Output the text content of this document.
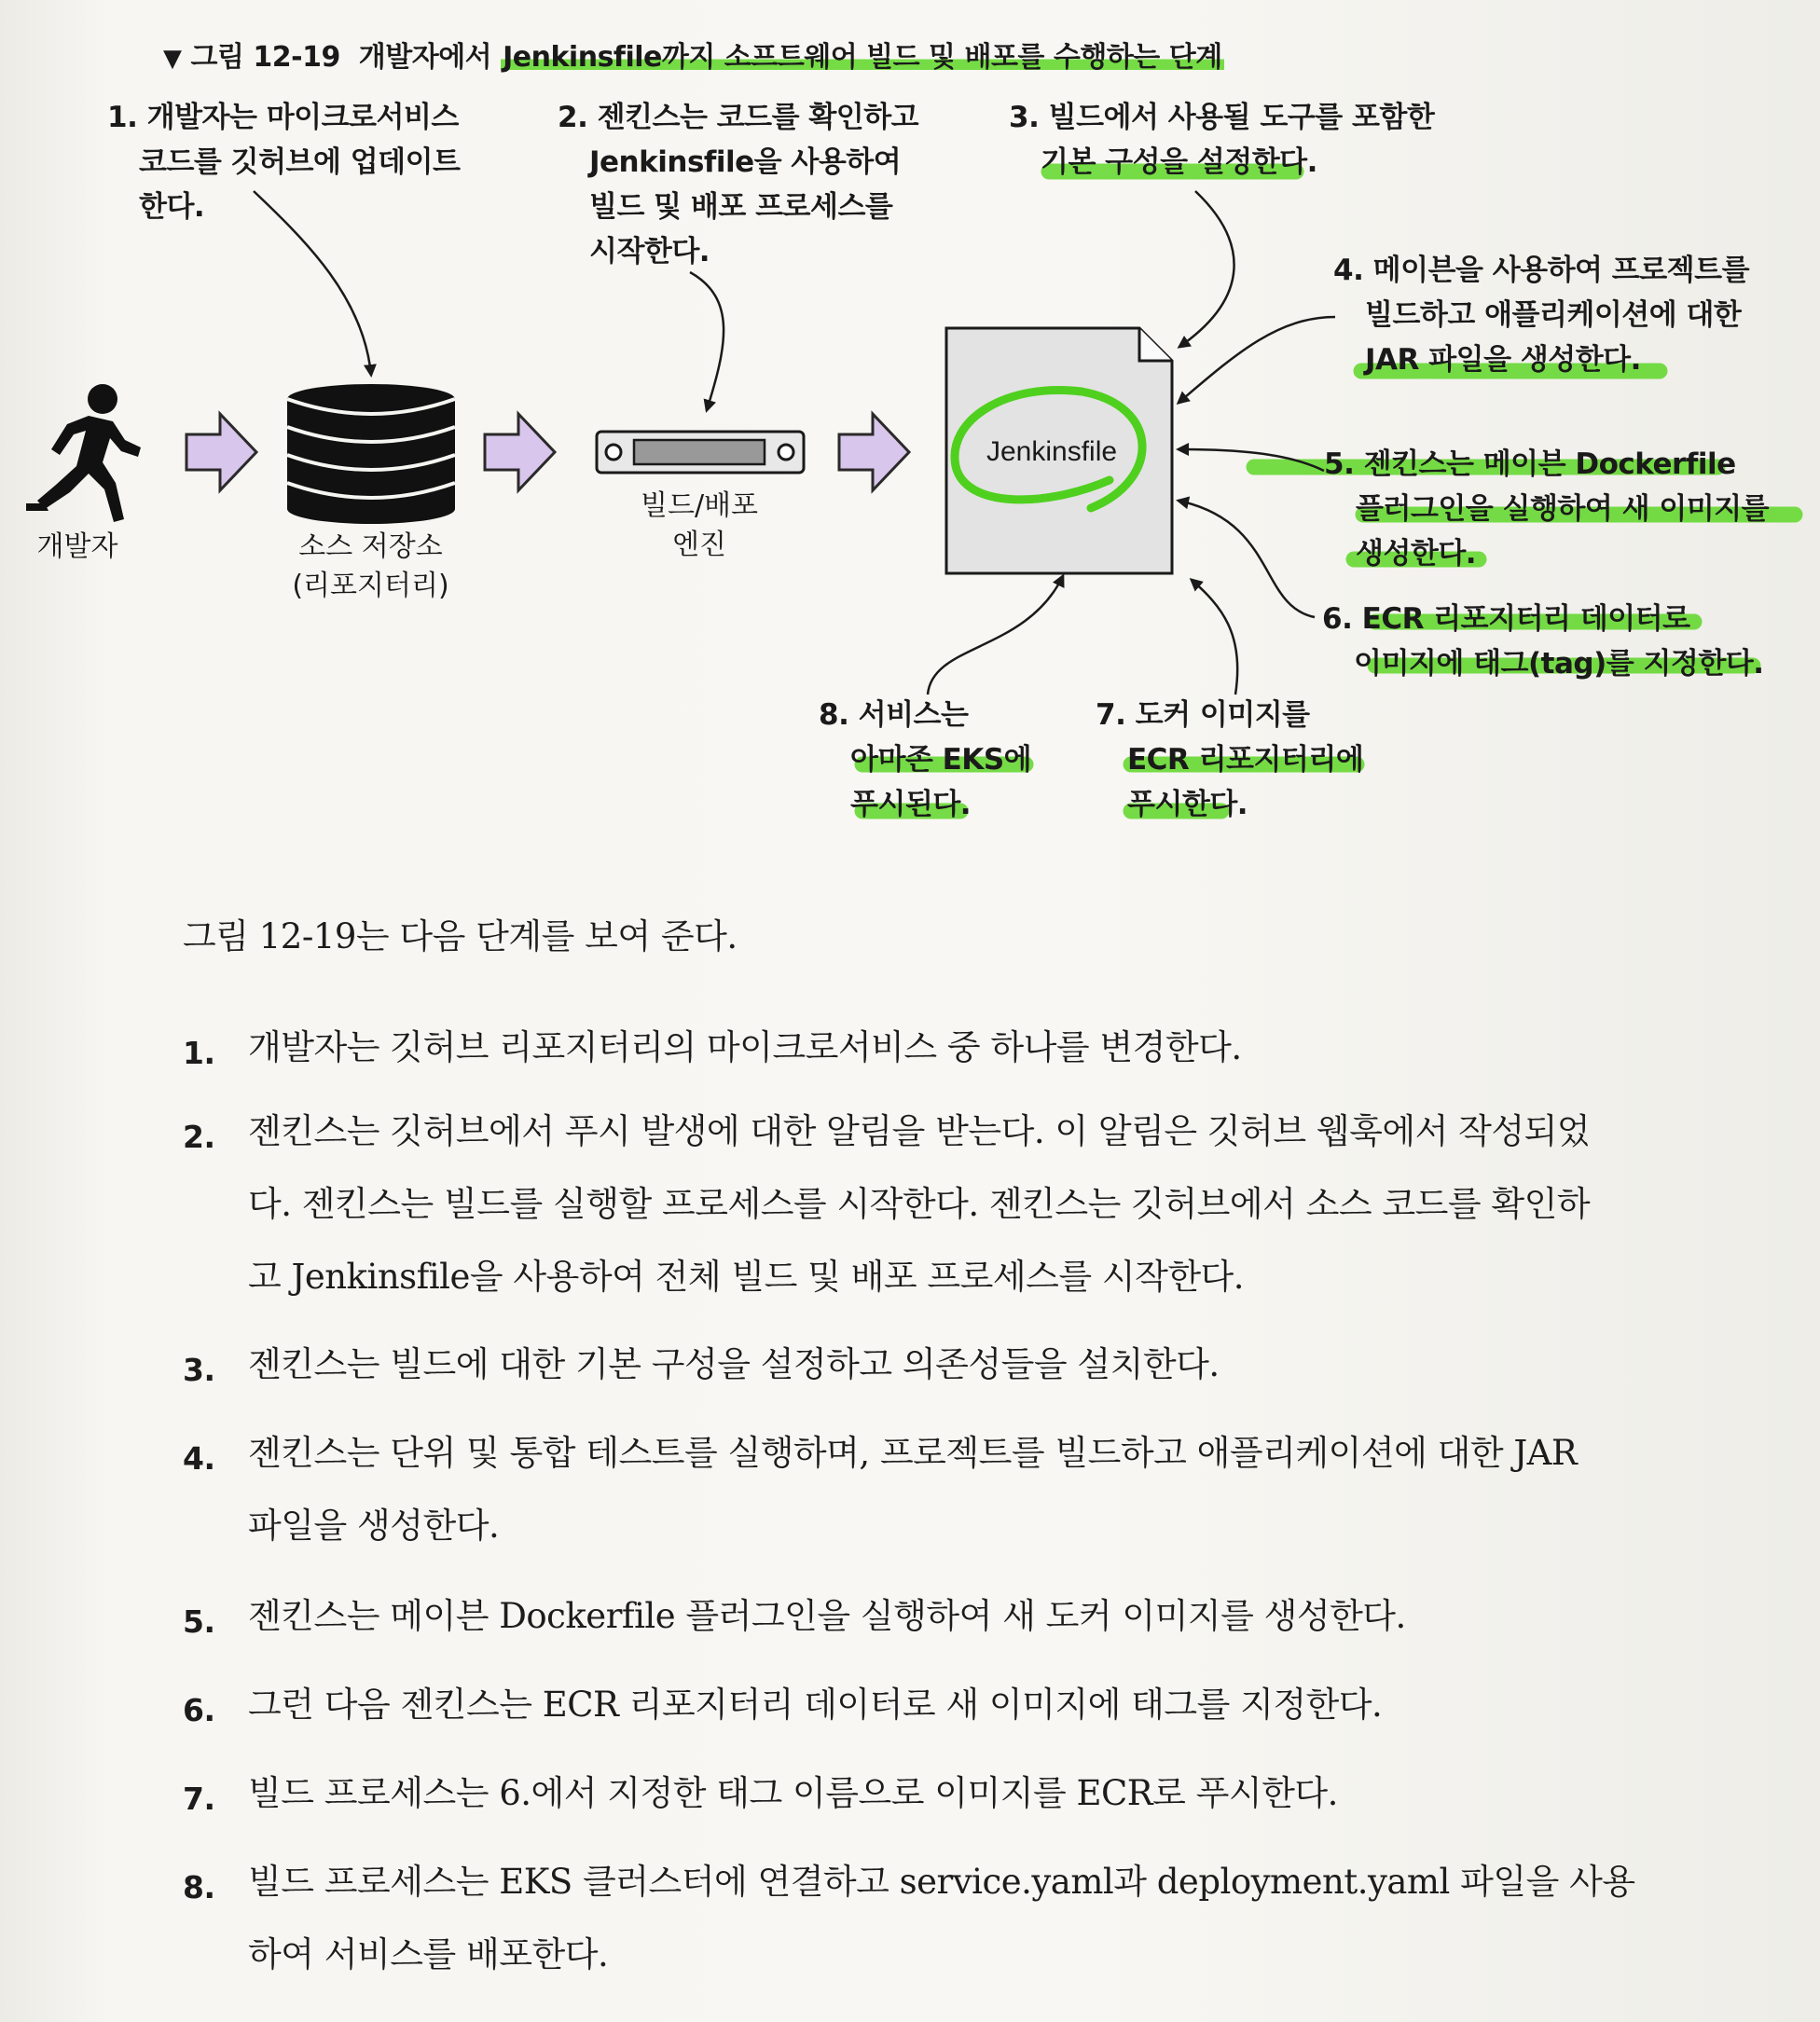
▼ 그림 12-19 개발자에서 Jenkinsfile까지 소프트웨어 빌드 및 배포를 수행하는 단계
개발자	소스 저장소
(리포지터리)
빌드/배포
엔진
Jenkinsfile
1. 개발자는 마이크로서비스
코드를 깃허브에 업데이트
한다.
2. 젠킨스는 코드를 확인하고
Jenkinsfile을 사용하여
빌드 및 배포 프로세스를
시작한다.
3. 빌드에서 사용될 도구를 포함한
기본 구성을 설정한다.
4. 메이븐을 사용하여 프로젝트를
빌드하고 애플리케이션에 대한
JAR 파일을 생성한다.
5. 젠킨스는 메이븐 Dockerfile
플러그인을 실행하여 새 이미지를
생성한다.
6. ECR 리포지터리 데이터로
이미지에 태그(tag)를 지정한다.
7. 도커 이미지를
ECR 리포지터리에
푸시한다.
8. 서비스는
아마존 EKS에
푸시된다.
그림 12-19는 다음 단계를 보여 준다.
1. 개발자는 깃허브 리포지터리의 마이크로서비스 중 하나를 변경한다.
2. 젠킨스는 깃허브에서 푸시 발생에 대한 알림을 받는다. 이 알림은 깃허브 웹훅에서 작성되었
다. 젠킨스는 빌드를 실행할 프로세스를 시작한다. 젠킨스는 깃허브에서 소스 코드를 확인하
고 Jenkinsfile을 사용하여 전체 빌드 및 배포 프로세스를 시작한다.
3. 젠킨스는 빌드에 대한 기본 구성을 설정하고 의존성들을 설치한다.
4. 젠킨스는 단위 및 통합 테스트를 실행하며, 프로젝트를 빌드하고 애플리케이션에 대한 JAR
파일을 생성한다.
5. 젠킨스는 메이븐 Dockerfile 플러그인을 실행하여 새 도커 이미지를 생성한다.
6. 그런 다음 젠킨스는 ECR 리포지터리 데이터로 새 이미지에 태그를 지정한다.
7. 빌드 프로세스는 6.에서 지정한 태그 이름으로 이미지를 ECR로 푸시한다.
8. 빌드 프로세스는 EKS 클러스터에 연결하고 service.yaml과 deployment.yaml 파일을 사용
하여 서비스를 배포한다.
